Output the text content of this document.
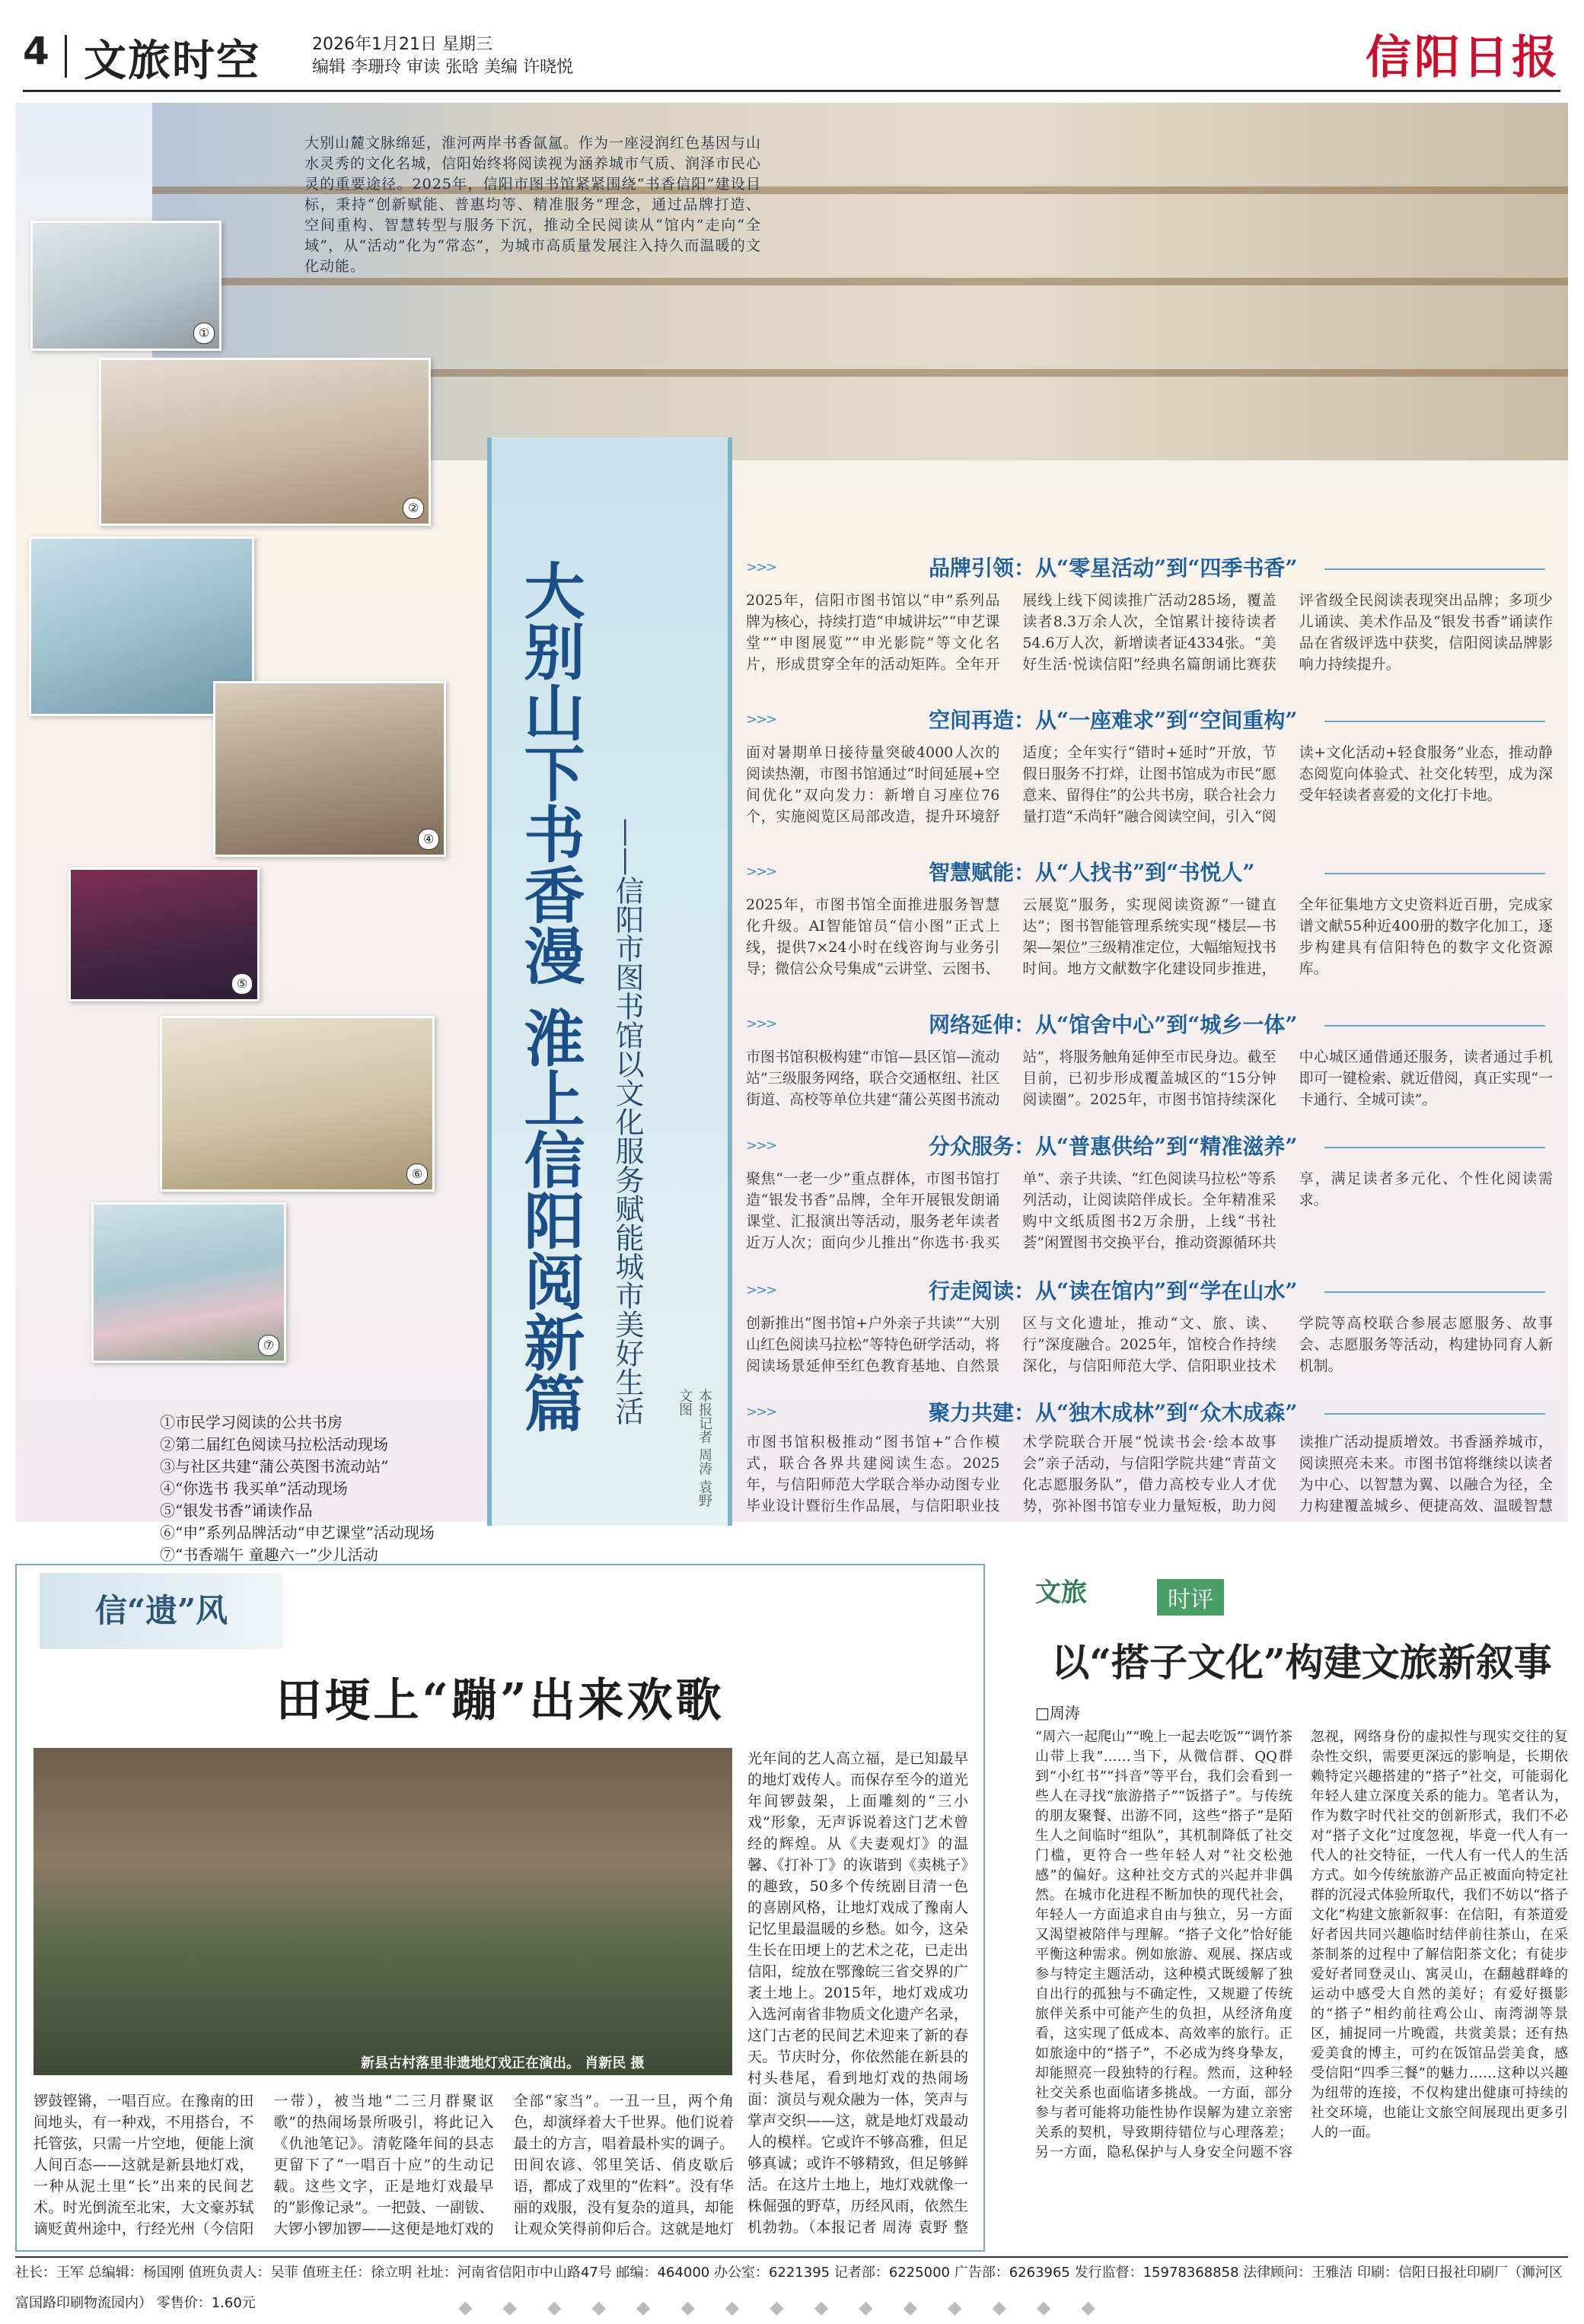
4 文旅时空	2026年1月21日 星期三
编辑 李珊玲 审读 张晗 美编 许晓悦	信阳日报
大别山麓文脉绵延，淮河两岸书香氤氲。作为一座浸润红色基因与山水灵秀的文化名城，信阳始终将阅读视为涵养城市气质、润泽市民心灵的重要途径。2025年，信阳市图书馆紧紧围绕“书香信阳”建设目标，秉持“创新赋能、普惠均等、精准服务”理念，通过品牌打造、空间重构、智慧转型与服务下沉，推动全民阅读从“馆内”走向“全域”，从“活动”化为“常态”，为城市高质量发展注入持久而温暖的文化动能。
大别山下书香漫 淮上信阳阅新篇 ——信阳市图书馆以文化服务赋能城市美好生活
本报记者 周涛 袁野 文图
①
②
④
⑤
⑥
⑦
①市民学习阅读的公共书房
②第二届红色阅读马拉松活动现场
③与社区共建“蒲公英图书流动站”
④“你选书 我买单”活动现场
⑤“银发书香”诵读作品
⑥“申”系列品牌活动“申艺课堂”活动现场
⑦“书香端午 童趣六一”少儿活动
>>>	品牌引领：从“零星活动”到“四季书香”
2025年，信阳市图书馆以“申”系列品牌为核心，持续打造“申城讲坛”“申艺课堂”“申图展览”“申光影院”等文化名片，形成贯穿全年的活动矩阵。全年开展线上线下阅读推广活动285场，覆盖读者8.3万余人次，全馆累计接待读者54.6万人次，新增读者证4334张。“美好生活·悦读信阳”经典名篇朗诵比赛获评省级全民阅读表现突出品牌；多项少儿诵读、美术作品及“银发书香”诵读作品在省级评选中获奖，信阳阅读品牌影响力持续提升。
>>>	空间再造：从“一座难求”到“空间重构”
面对暑期单日接待量突破4000人次的阅读热潮，市图书馆通过“时间延展+空间优化”双向发力：新增自习座位76个，实施阅览区局部改造，提升环境舒适度；全年实行“错时+延时”开放，节假日服务不打烊，让图书馆成为市民“愿意来、留得住”的公共书房，联合社会力量打造“禾尚轩”融合阅读空间，引入“阅读+文化活动+轻食服务”业态，推动静态阅览向体验式、社交化转型，成为深受年轻读者喜爱的文化打卡地。
>>>	智慧赋能：从“人找书”到“书悦人”
2025年，市图书馆全面推进服务智慧化升级。AI智能馆员“信小图”正式上线，提供7×24小时在线咨询与业务引导；微信公众号集成“云讲堂、云图书、云展览”服务，实现阅读资源“一键直达”；图书智能管理系统实现“楼层—书架—架位”三级精准定位，大幅缩短找书时间。地方文献数字化建设同步推进，全年征集地方文史资料近百册，完成家谱文献55种近400册的数字化加工，逐步构建具有信阳特色的数字文化资源库。
>>>	网络延伸：从“馆舍中心”到“城乡一体”
市图书馆积极构建“市馆—县区馆—流动站”三级服务网络，联合交通枢纽、社区街道、高校等单位共建“蒲公英图书流动站”，将服务触角延伸至市民身边。截至目前，已初步形成覆盖城区的“15分钟阅读圈”。2025年，市图书馆持续深化中心城区通借通还服务，读者通过手机即可一键检索、就近借阅，真正实现“一卡通行、全城可读”。
>>>	分众服务：从“普惠供给”到“精准滋养”
聚焦“一老一少”重点群体，市图书馆打造“银发书香”品牌，全年开展银发朗诵课堂、汇报演出等活动，服务老年读者近万人次；面向少儿推出“你选书·我买单”、亲子共读、“红色阅读马拉松”等系列活动，让阅读陪伴成长。全年精准采购中文纸质图书2万余册，上线“书社荟”闲置图书交换平台，推动资源循环共享，满足读者多元化、个性化阅读需求。
>>>	行走阅读：从“读在馆内”到“学在山水”
创新推出“图书馆+户外亲子共读”“大别山红色阅读马拉松”等特色研学活动，将阅读场景延伸至红色教育基地、自然景区与文化遗址，推动“文、旅、读、行”深度融合。2025年，馆校合作持续深化，与信阳师范大学、信阳职业技术学院等高校联合参展志愿服务、故事会、志愿服务等活动，构建协同育人新机制。
>>>	聚力共建：从“独木成林”到“众木成森”
市图书馆积极推动“图书馆+”合作模式，联合各界共建阅读生态。2025年，与信阳师范大学联合举办动图专业毕业设计暨衍生作品展，与信阳职业技术学院联合开展“悦读书会·绘本故事会”亲子活动，与信阳学院共建“青苗文化志愿服务队”，借力高校专业人才优势，弥补图书馆专业力量短板，助力阅读推广活动提质增效。书香涵养城市，阅读照亮未来。市图书馆将继续以读者为中心、以智慧为翼、以融合为径，全力构建覆盖城乡、便捷高效、温暖智慧
信“遗”风
田埂上“蹦”出来欢歌
新县古村落里非遗地灯戏正在演出。 肖新民 摄
锣鼓铿锵，一唱百应。在豫南的田间地头，有一种戏，不用搭台，不托管弦，只需一片空地，便能上演人间百态——这就是新县地灯戏，一种从泥土里“长”出来的民间艺术。时光倒流至北宋，大文豪苏轼谪贬黄州途中，行经光州（今信阳一带），被当地“二三月群聚讴歌”的热闹场景所吸引，将此记入《仇池笔记》。清乾隆年间的县志更留下了“一唱百十应”的生动记载。这些文字，正是地灯戏最早的“影像记录”。一把鼓、一副钹、大锣小锣加锣——这便是地灯戏的全部“家当”。一丑一旦，两个角色，却演绎着大千世界。他们说着最土的方言，唱着最朴实的调子。田间农谚、邻里笑话、俏皮歇后语，都成了戏里的“佐料”。没有华丽的戏服，没有复杂的道具，却能让观众笑得前仰后合。这就是地灯
光年间的艺人高立福，是已知最早的地灯戏传人。而保存至今的道光年间锣鼓架，上面雕刻的“三小戏”形象，无声诉说着这门艺术曾经的辉煌。从《夫妻观灯》的温馨、《打补丁》的诙谐到《卖桃子》的趣致，50多个传统剧目清一色的喜剧风格，让地灯戏成了豫南人记忆里最温暖的乡愁。如今，这朵生长在田埂上的艺术之花，已走出信阳，绽放在鄂豫皖三省交界的广袤土地上。2015年，地灯戏成功入选河南省非物质文化遗产名录，这门古老的民间艺术迎来了新的春天。节庆时分，你依然能在新县的村头巷尾，看到地灯戏的热闹场面：演员与观众融为一体，笑声与掌声交织——这，就是地灯戏最动人的模样。它或许不够高雅，但足够真诚；或许不够精致，但足够鲜活。在这片土地上，地灯戏就像一株倔强的野草，历经风雨，依然生机勃勃。（本报记者 周涛 袁野 整
文旅	时评
以“搭子文化”构建文旅新叙事
□周涛
“周六一起爬山”“晚上一起去吃饭”“调竹茶山带上我”……当下，从微信群、QQ群到“小红书”“抖音”等平台，我们会看到一些人在寻找“旅游搭子”“饭搭子”。与传统的朋友聚餐、出游不同，这些“搭子”是陌生人之间临时“组队”，其机制降低了社交门槛，更符合一些年轻人对“社交松弛感”的偏好。这种社交方式的兴起并非偶然。在城市化进程不断加快的现代社会，年轻人一方面追求自由与独立，另一方面又渴望被陪伴与理解。“搭子文化”恰好能平衡这种需求。例如旅游、观展、探店或参与特定主题活动，这种模式既缓解了独自出行的孤独与不确定性，又规避了传统旅伴关系中可能产生的负担，从经济角度看，这实现了低成本、高效率的旅行。正如旅途中的“搭子”，不必成为终身挚友，却能照亮一段独特的行程。然而，这种轻社交关系也面临诸多挑战。一方面，部分参与者可能将功能性协作误解为建立亲密关系的契机，导致期待错位与心理落差；另一方面，隐私保护与人身安全问题不容忽视，网络身份的虚拟性与现实交往的复杂性交织，需要更深远的影响是，长期依赖特定兴趣搭建的“搭子”社交，可能弱化年轻人建立深度关系的能力。笔者认为，作为数字时代社交的创新形式，我们不必对“搭子文化”过度忽视，毕竟一代人有一代人的社交特征，一代人有一代人的生活方式。如今传统旅游产品正被面向特定社群的沉浸式体验所取代，我们不妨以“搭子文化”构建文旅新叙事：在信阳，有茶道爱好者因共同兴趣临时结伴前往茶山，在采茶制茶的过程中了解信阳茶文化；有徒步爱好者同登灵山、寓灵山，在翻越群峰的运动中感受大自然的美好；有爱好摄影的“搭子”相约前往鸡公山、南湾湖等景区，捕捉同一片晚霞，共赏美景；还有热爱美食的博主，可约在饭馆品尝美食，感受信阳“四季三餐”的魅力……这种以兴趣为纽带的连接，不仅构建出健康可持续的社交环境，也能让文旅空间展现出更多引人的一面。
社长：王军 总编辑：杨国刚 值班负责人：吴菲 值班主任：徐立明 社址：河南省信阳市中山路47号 邮编：464000 办公室：6221395 记者部：6225000 广告部：6263965 发行监督：15978368858 法律顾问：王雅洁 印刷：信阳日报社印刷厂（浉河区富国路印刷物流园内） 零售价：1.60元	◆◆◆◆◆◆◆◆◆◆◆◆◆◆◆
